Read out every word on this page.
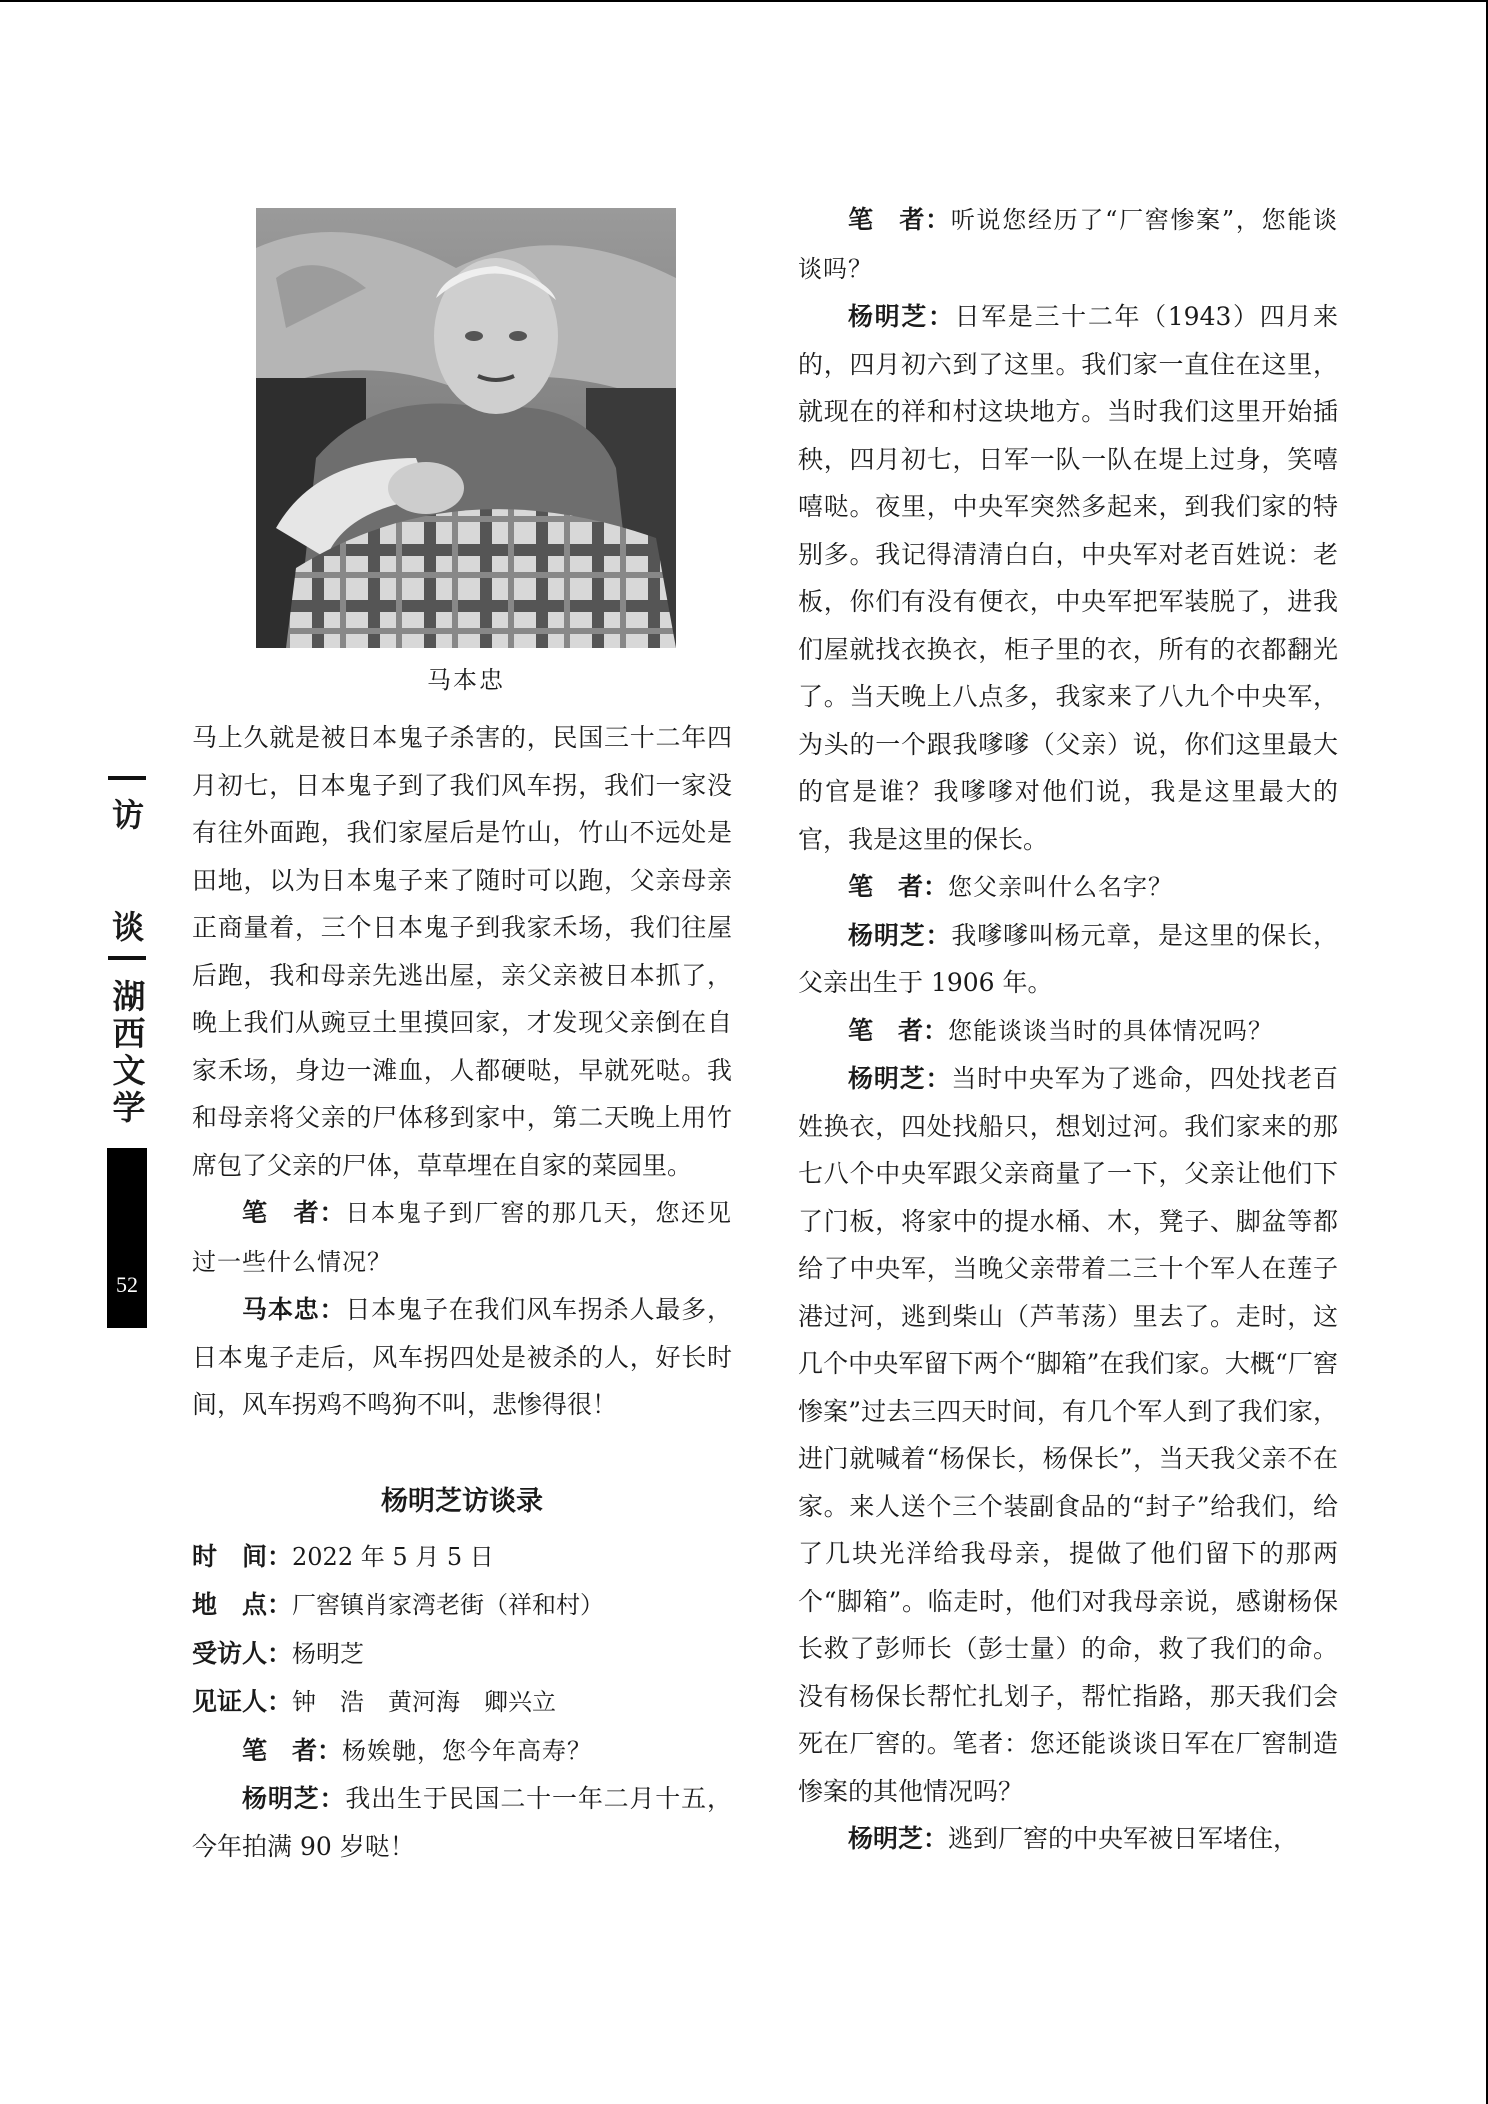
马本忠
访
谈
湖
西
文
学
52

马上久就是被日本鬼子杀害的，民国三十二年四月初七，日本鬼子到了我们风车拐，我们一家没有往外面跑，我们家屋后是竹山，竹山不远处是田地，以为日本鬼子来了随时可以跑，父亲母亲正商量着，三个日本鬼子到我家禾场，我们往屋后跑，我和母亲先逃出屋，亲父亲被日本抓了，晚上我们从豌豆土里摸回家，才发现父亲倒在自家禾场，身边一滩血，人都硬哒，早就死哒。我和母亲将父亲的尸体移到家中，第二天晚上用竹席包了父亲的尸体，草草埋在自家的菜园里。

笔　者：日本鬼子到厂窖的那几天，您还见过一些什么情况？

马本忠：日本鬼子在我们风车拐杀人最多，日本鬼子走后，风车拐四处是被杀的人，好长时间，风车拐鸡不鸣狗不叫，悲惨得很！

杨明芝访谈录

时　间：2022 年 5 月 5 日

地　点：厂窖镇肖家湾老街（祥和村）

受访人：杨明芝

见证人：钟　浩　黄河海　卿兴立

笔　者：杨娭毑，您今年高寿？

杨明芝：我出生于民国二十一年二月十五，今年拍满 90 岁哒！

笔　者：听说您经历了“厂窖惨案”，您能谈谈吗？

杨明芝：日军是三十二年（1943）四月来的，四月初六到了这里。我们家一直住在这里，就现在的祥和村这块地方。当时我们这里开始插秧，四月初七，日军一队一队在堤上过身，笑嘻嘻哒。夜里，中央军突然多起来，到我们家的特别多。我记得清清白白，中央军对老百姓说：老板，你们有没有便衣，中央军把军装脱了，进我们屋就找衣换衣，柜子里的衣，所有的衣都翻光了。当天晚上八点多，我家来了八九个中央军，为头的一个跟我嗲嗲（父亲）说，你们这里最大的官是谁？我嗲嗲对他们说，我是这里最大的官，我是这里的保长。

笔　者：您父亲叫什么名字？

杨明芝：我嗲嗲叫杨元章，是这里的保长，父亲出生于 1906 年。

笔　者：您能谈谈当时的具体情况吗？

杨明芝：当时中央军为了逃命，四处找老百姓换衣，四处找船只，想划过河。我们家来的那七八个中央军跟父亲商量了一下，父亲让他们下了门板，将家中的提水桶、木，凳子、脚盆等都给了中央军，当晚父亲带着二三十个军人在莲子港过河，逃到柴山（芦苇荡）里去了。走时，这几个中央军留下两个“脚箱”在我们家。大概“厂窖惨案”过去三四天时间，有几个军人到了我们家，进门就喊着“杨保长，杨保长”，当天我父亲不在家。来人送个三个装副食品的“封子”给我们，给了几块光洋给我母亲，提做了他们留下的那两个“脚箱”。临走时，他们对我母亲说，感谢杨保长救了彭师长（彭士量）的命，救了我们的命。没有杨保长帮忙扎划子，帮忙指路，那天我们会死在厂窖的。笔者：您还能谈谈日军在厂窖制造惨案的其他情况吗？

杨明芝：逃到厂窖的中央军被日军堵住，
